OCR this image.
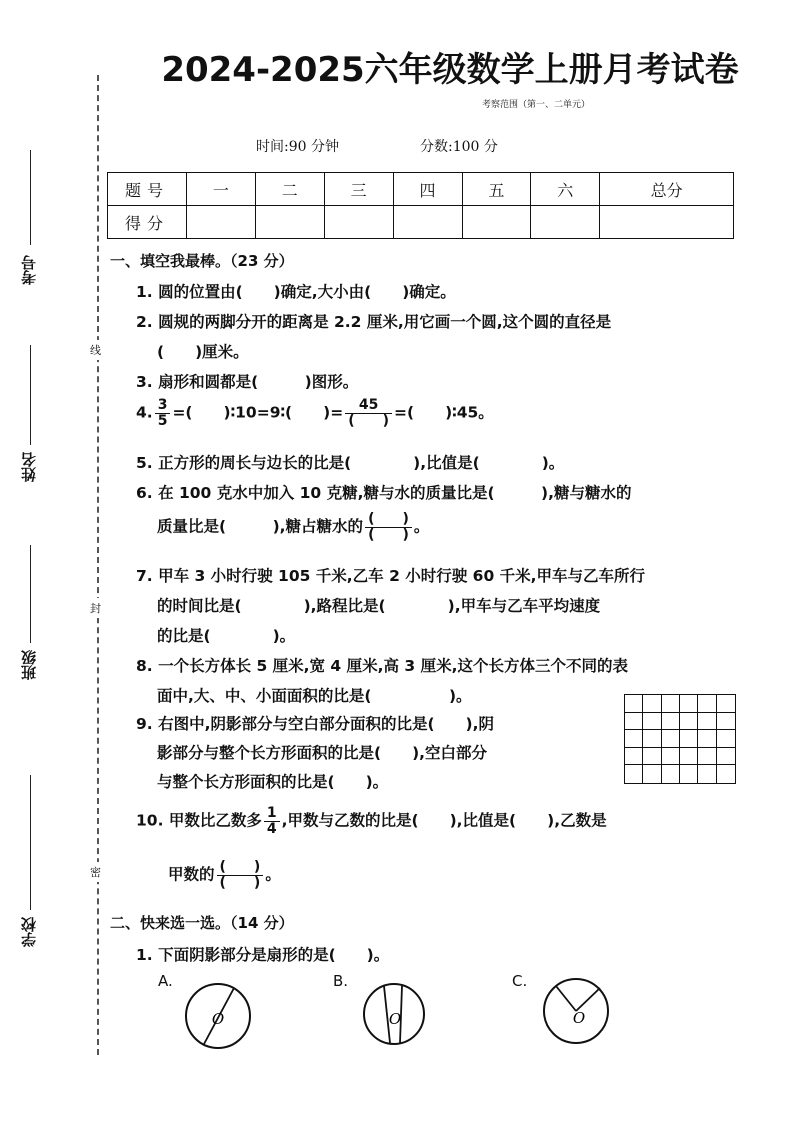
线
封
密
考号
姓名
班级
学校
2024-2025六年级数学上册月考试卷
考察范围（第一、二单元）
时间:90 分钟	分数:100 分
题号	一	二	三	四	五	六	总分
得分							
一、填空我最棒。（23 分）
1. 圆的位置由(　　)确定,大小由(　　)确定。
2. 圆规的两脚分开的距离是 2.2 厘米,用它画一个圆,这个圆的直径是
(　　)厘米。
3. 扇形和圆都是(　　　)图形。
4. $\frac{3}{5}$ =(　　)∶10=9∶(　　)= $\frac{45}{( )}$ =(　　)∶45。
5. 正方形的周长与边长的比是(　　　　),比值是(　　　　)。
6. 在 100 克水中加入 10 克糖,糖与水的质量比是(　　　),糖与糖水的
质量比是(　　　),糖占糖水的 $\frac{( )}{( )}$ 。
7. 甲车 3 小时行驶 105 千米,乙车 2 小时行驶 60 千米,甲车与乙车所行
的时间比是(　　　　),路程比是(　　　　),甲车与乙车平均速度
的比是(　　　　)。
8. 一个长方体长 5 厘米,宽 4 厘米,高 3 厘米,这个长方体三个不同的表
面中,大、中、小面面积的比是(　　　　　)。
9. 右图中,阴影部分与空白部分面积的比是(　　),阴
影部分与整个长方形面积的比是(　　),空白部分
与整个长方形面积的比是(　　)。
10. 甲数比乙数多 $\frac{1}{4}$ ,甲数与乙数的比是(　　),比值是(　　),乙数是
甲数的 $\frac{( )}{( )}$ 。
二、快来选一选。（14 分）
1. 下面阴影部分是扇形的是(　　)。
A.	B.	C.
O	O	O
